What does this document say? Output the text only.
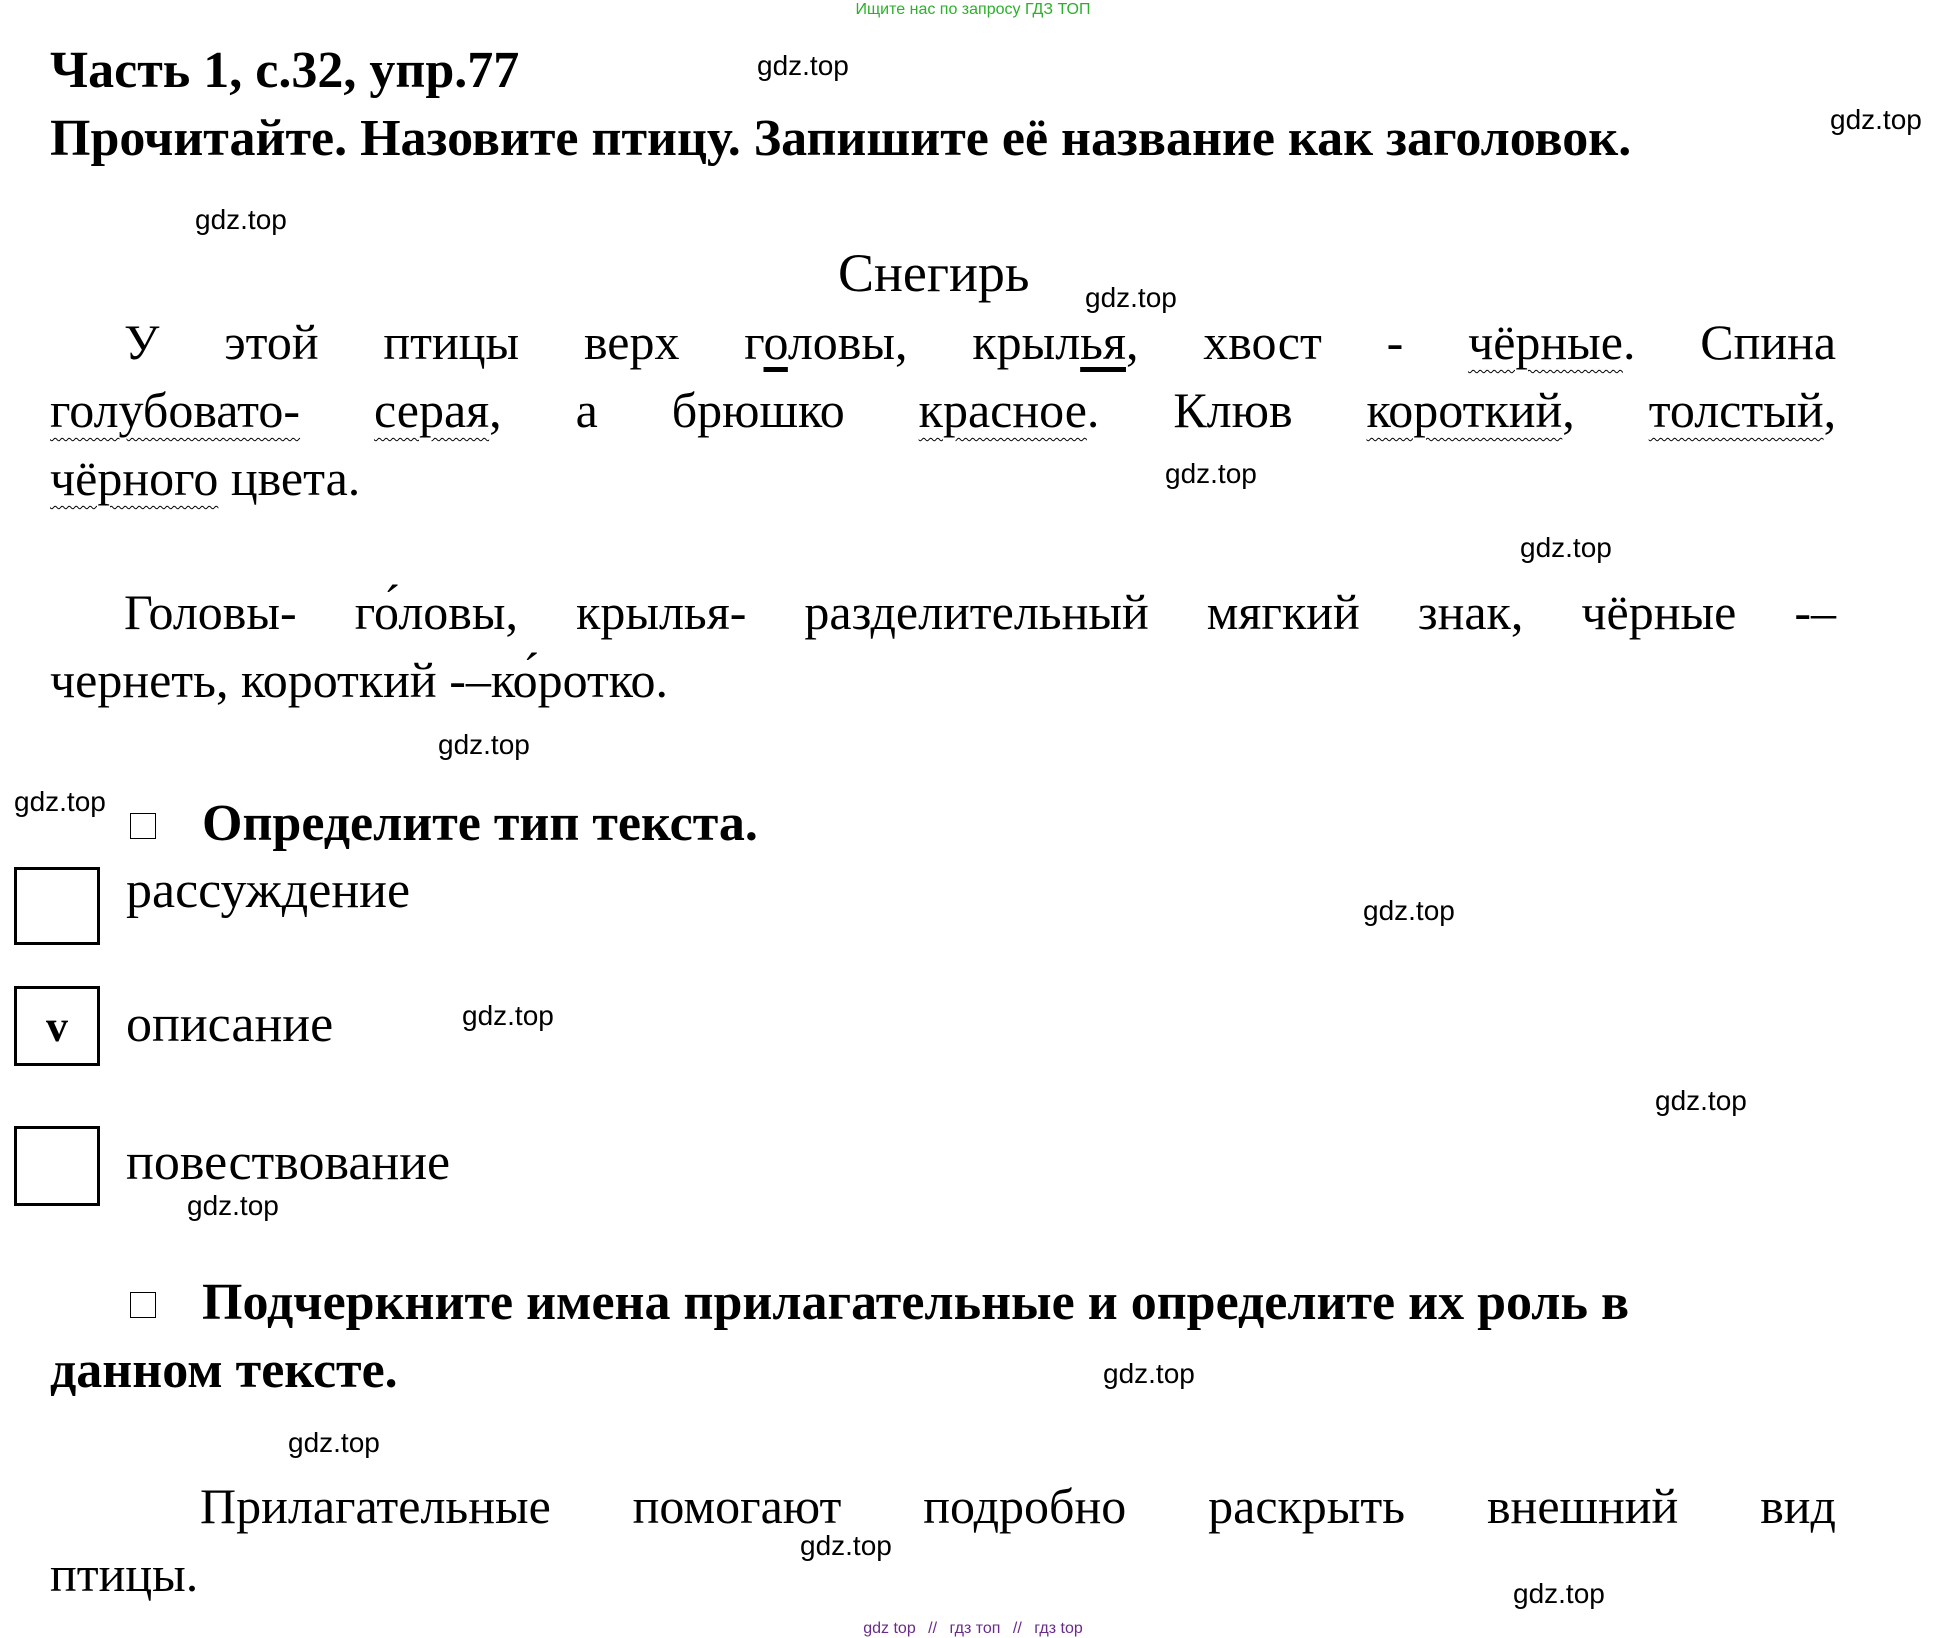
Ищите нас по запросу ГДЗ ТОП
Часть 1, с.32, упр.77
Прочитайте. Назовите птицу. Запишите её название как заголовок.
Снегирь
У этой птицы верх головы, крылья, хвост - чёрные. Спина
голубовато- серая, а брюшко красное. Клюв короткий, толстый,
чёрного цвета.
Головы- го́ловы, крылья- разделительный мягкий знак, чёрные -–
чернеть, короткий -–ко́ротко.
Определите тип текста.
рассуждение
v	описание
повествование
Подчеркните имена прилагательные и определите их роль в
данном тексте.
Прилагательные помогают подробно раскрыть внешний вид
птицы.
gdz.top
gdz.top
gdz.top
gdz.top
gdz.top
gdz.top
gdz.top
gdz.top
gdz.top
gdz.top
gdz.top
gdz.top
gdz.top
gdz.top
gdz.top
gdz.top
gdz top // гдз топ // гдз top
